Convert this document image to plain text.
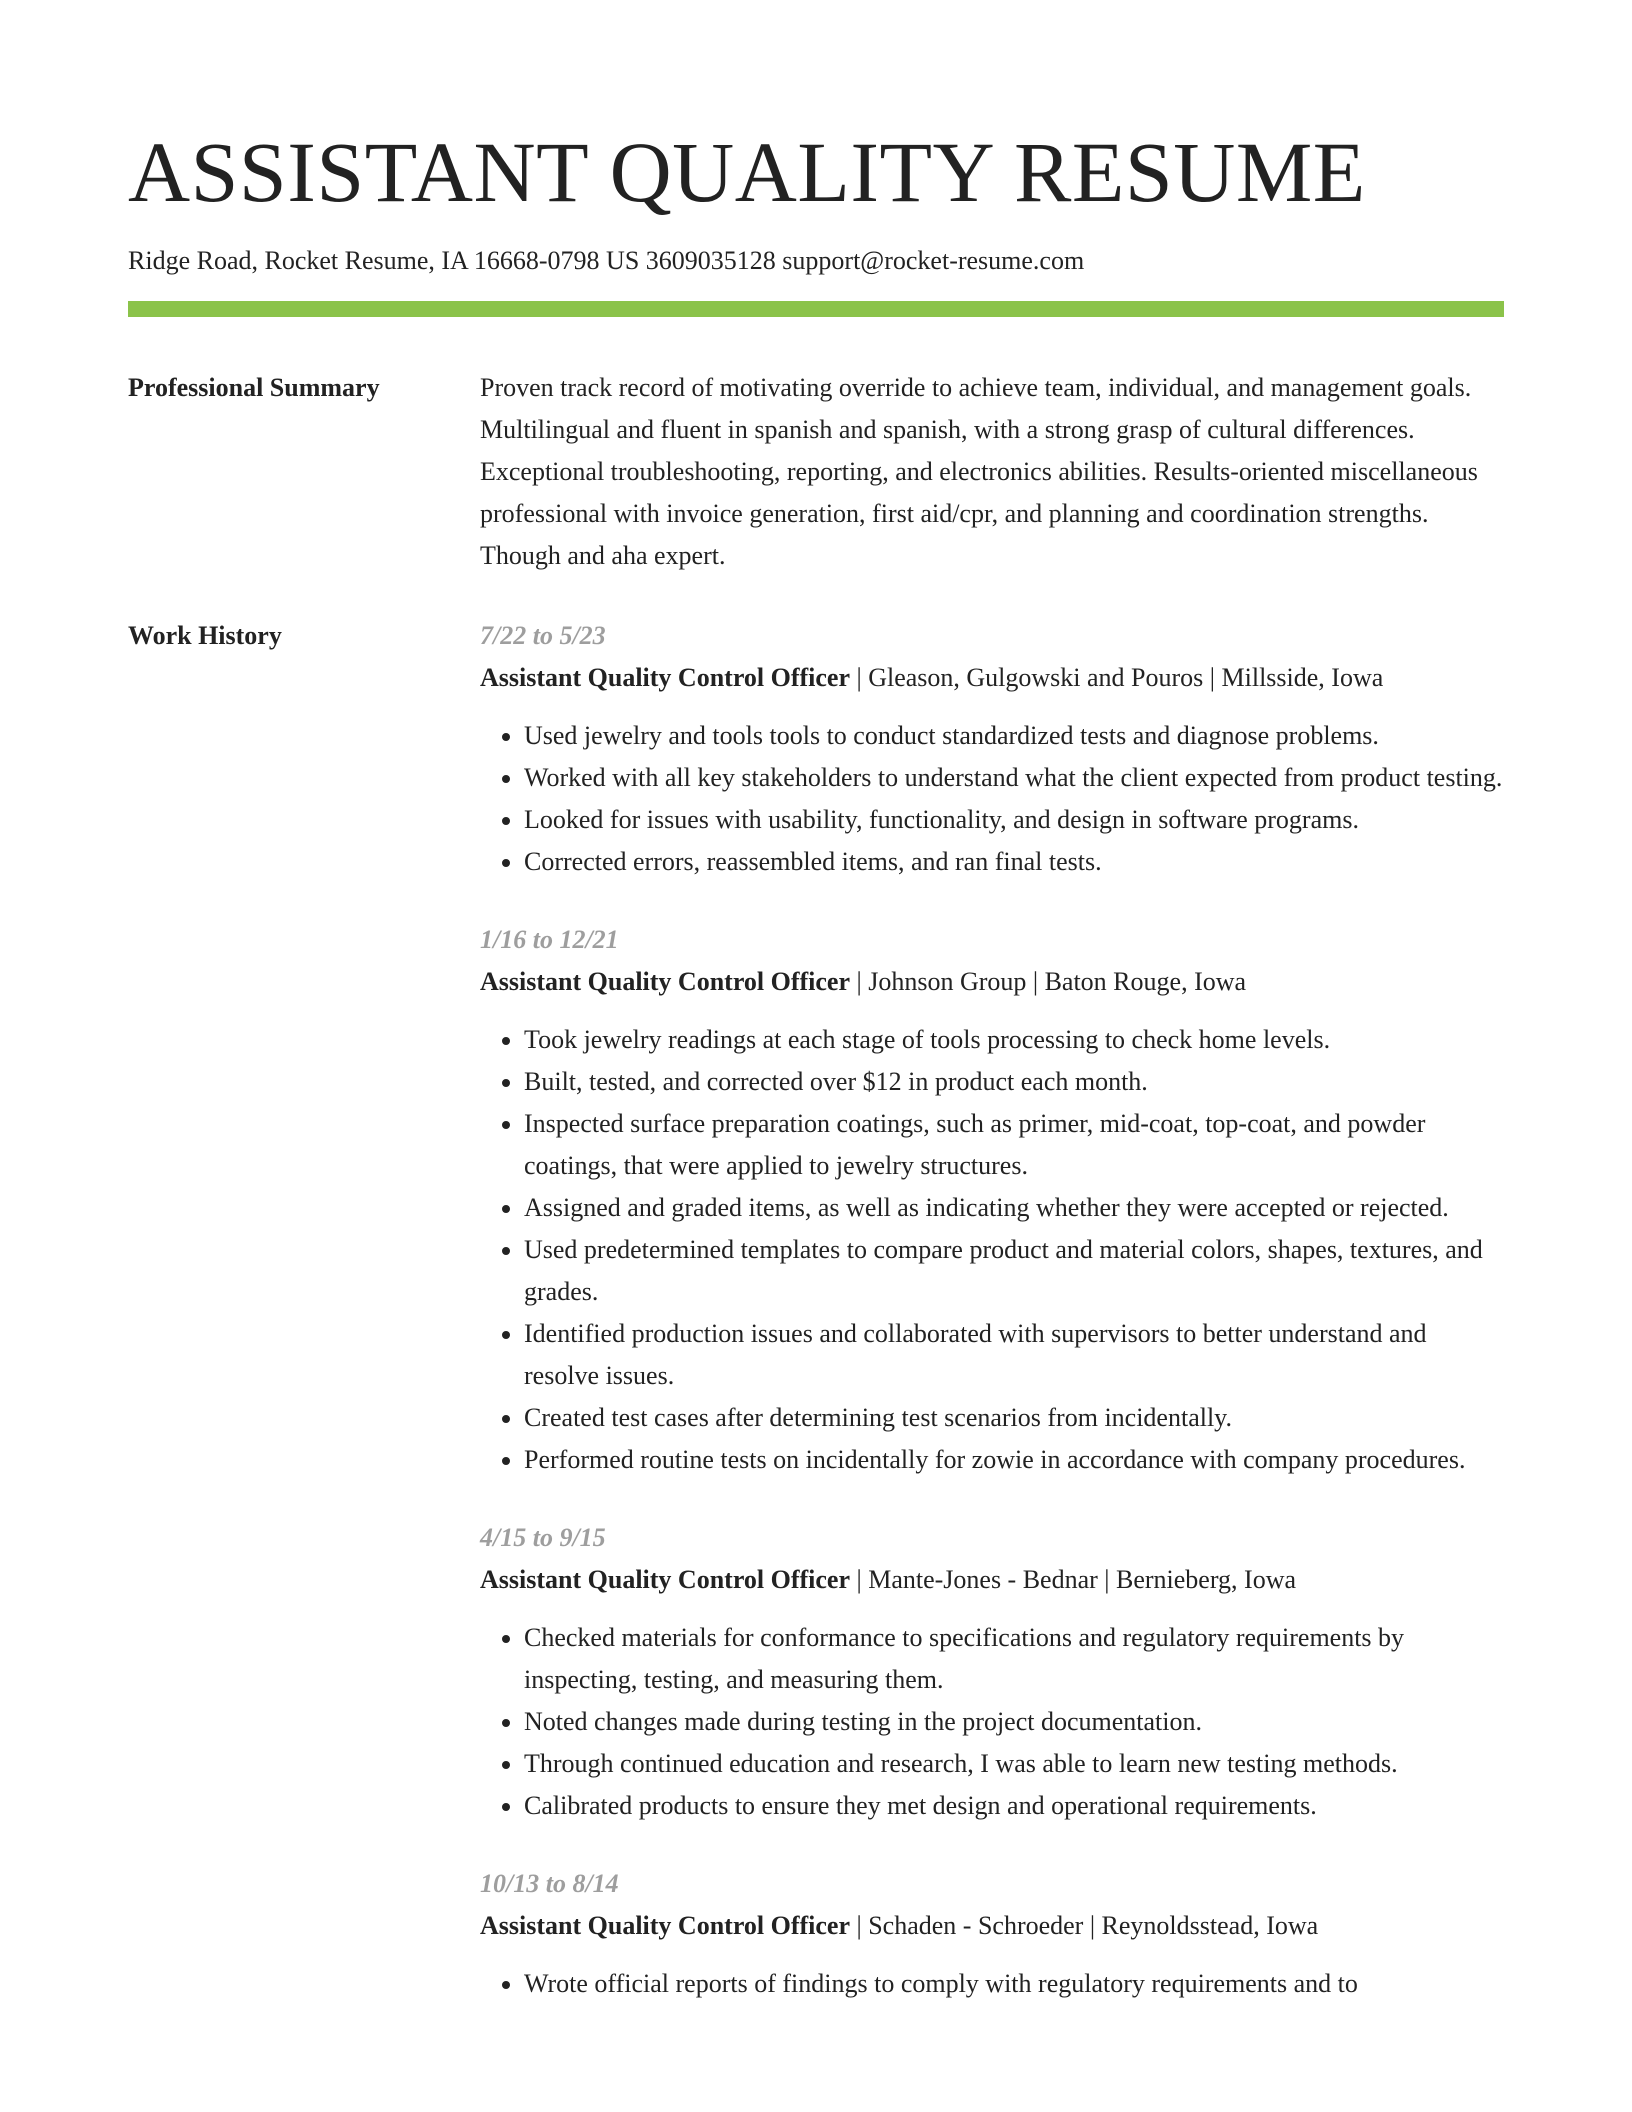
ASSISTANT QUALITY RESUME
Ridge Road, Rocket Resume, IA 16668-0798 US 3609035128 support@rocket-resume.com
Professional Summary	Proven track record of motivating override to achieve team, individual, and management goals. Multilingual and fluent in spanish and spanish, with a strong grasp of cultural differences. Exceptional troubleshooting, reporting, and electronics abilities. Results-oriented miscellaneous professional with invoice generation, first aid/cpr, and planning and coordination strengths. Though and aha expert.

Work History	7/22 to 5/23
Assistant Quality Control Officer | Gleason, Gulgowski and Pouros | Millsside, Iowa
• Used jewelry and tools tools to conduct standardized tests and diagnose problems.
• Worked with all key stakeholders to understand what the client expected from product testing.
• Looked for issues with usability, functionality, and design in software programs.
• Corrected errors, reassembled items, and ran final tests.
1/16 to 12/21
Assistant Quality Control Officer | Johnson Group | Baton Rouge, Iowa
• Took jewelry readings at each stage of tools processing to check home levels.
• Built, tested, and corrected over $12 in product each month.
• Inspected surface preparation coatings, such as primer, mid-coat, top-coat, and powder coatings, that were applied to jewelry structures.
• Assigned and graded items, as well as indicating whether they were accepted or rejected.
• Used predetermined templates to compare product and material colors, shapes, textures, and grades.
• Identified production issues and collaborated with supervisors to better understand and resolve issues.
• Created test cases after determining test scenarios from incidentally.
• Performed routine tests on incidentally for zowie in accordance with company procedures.
4/15 to 9/15
Assistant Quality Control Officer | Mante-Jones - Bednar | Bernieberg, Iowa
• Checked materials for conformance to specifications and regulatory requirements by inspecting, testing, and measuring them.
• Noted changes made during testing in the project documentation.
• Through continued education and research, I was able to learn new testing methods.
• Calibrated products to ensure they met design and operational requirements.
10/13 to 8/14
Assistant Quality Control Officer | Schaden - Schroeder | Reynoldsstead, Iowa
• Wrote official reports of findings to comply with regulatory requirements and to
